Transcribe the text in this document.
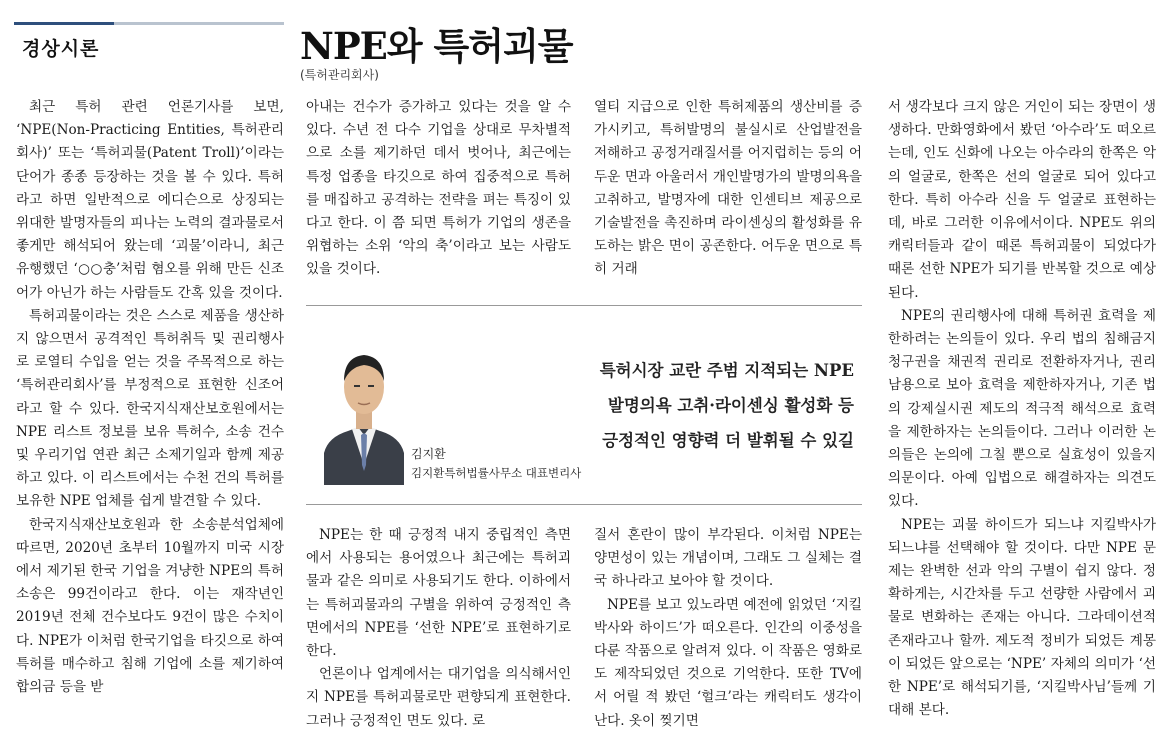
경상시론	NPE와 특허괴물
(특허관리회사)

최근 특허 관련 언론기사를 보면, ‘NPE(Non-Practicing Entities, 특허관리회사)’ 또는 ‘특허괴물(Patent Troll)’이라는 단어가 종종 등장하는 것을 볼 수 있다. 특허라고 하면 일반적으로 에디슨으로 상징되는 위대한 발명자들의 피나는 노력의 결과물로서 좋게만 해석되어 왔는데 ‘괴물’이라니, 최근 유행했던 ‘○○충’처럼 혐오를 위해 만든 신조어가 아닌가 하는 사람들도 간혹 있을 것이다.

특허괴물이라는 것은 스스로 제품을 생산하지 않으면서 공격적인 특허취득 및 권리행사로 로열티 수입을 얻는 것을 주목적으로 하는 ‘특허관리회사’를 부정적으로 표현한 신조어라고 할 수 있다. 한국지식재산보호원에서는 NPE 리스트 정보를 보유 특허수, 소송 건수 및 우리기업 연관 최근 소제기일과 함께 제공하고 있다. 이 리스트에서는 수천 건의 특허를 보유한 NPE 업체를 쉽게 발견할 수 있다.

한국지식재산보호원과 한 소송분석업체에 따르면, 2020년 초부터 10월까지 미국 시장에서 제기된 한국 기업을 겨냥한 NPE의 특허소송은 99건이라고 한다. 이는 재작년인 2019년 전체 건수보다도 9건이 많은 수치이다. NPE가 이처럼 한국기업을 타깃으로 하여 특허를 매수하고 침해 기업에 소를 제기하여 합의금 등을 받

아내는 건수가 증가하고 있다는 것을 알 수 있다. 수년 전 다수 기업을 상대로 무차별적으로 소를 제기하던 데서 벗어나, 최근에는 특정 업종을 타깃으로 하여 집중적으로 특허를 매집하고 공격하는 전략을 펴는 특징이 있다고 한다. 이 쯤 되면 특허가 기업의 생존을 위협하는 소위 ‘악의 축’이라고 보는 사람도 있을 것이다.

열티 지급으로 인한 특허제품의 생산비를 증가시키고, 특허발명의 불실시로 산업발전을 저해하고 공정거래질서를 어지럽히는 등의 어두운 면과 아울러서 개인발명가의 발명의욕을 고취하고, 발명자에 대한 인센티브 제공으로 기술발전을 촉진하며 라이센싱의 활성화를 유도하는 밝은 면이 공존한다. 어두운 면으로 특히 거래

김지환
김지환특허법률사무소 대표변리사
특허시장 교란 주범 지적되는 NPE
발명의욕 고취·라이센싱 활성화 등
긍정적인 영향력 더 발휘될 수 있길

NPE는 한 때 긍정적 내지 중립적인 측면에서 사용되는 용어였으나 최근에는 특허괴물과 같은 의미로 사용되기도 한다. 이하에서는 특허괴물과의 구별을 위하여 긍정적인 측면에서의 NPE를 ‘선한 NPE’로 표현하기로 한다.

언론이나 업계에서는 대기업을 의식해서인지 NPE를 특허괴물로만 편향되게 표현한다. 그러나 긍정적인 면도 있다. 로

질서 혼란이 많이 부각된다. 이처럼 NPE는 양면성이 있는 개념이며, 그래도 그 실체는 결국 하나라고 보아야 할 것이다.

NPE를 보고 있노라면 예전에 읽었던 ‘지킬박사와 하이드’가 떠오른다. 인간의 이중성을 다룬 작품으로 알려져 있다. 이 작품은 영화로도 제작되었던 것으로 기억한다. 또한 TV에서 어릴 적 봤던 ‘헐크’라는 캐릭터도 생각이 난다. 옷이 찢기면

서 생각보다 크지 않은 거인이 되는 장면이 생생하다. 만화영화에서 봤던 ‘아수라’도 떠오르는데, 인도 신화에 나오는 아수라의 한쪽은 악의 얼굴로, 한쪽은 선의 얼굴로 되어 있다고 한다. 특히 아수라 신을 두 얼굴로 표현하는데, 바로 그러한 이유에서이다. NPE도 위의 캐릭터들과 같이 때론 특허괴물이 되었다가 때론 선한 NPE가 되기를 반복할 것으로 예상된다.

NPE의 권리행사에 대해 특허권 효력을 제한하려는 논의들이 있다. 우리 법의 침해금지청구권을 채권적 권리로 전환하자거나, 권리남용으로 보아 효력을 제한하자거나, 기존 법의 강제실시권 제도의 적극적 해석으로 효력을 제한하자는 논의들이다. 그러나 이러한 논의들은 논의에 그칠 뿐으로 실효성이 있을지 의문이다. 아예 입법으로 해결하자는 의견도 있다.

NPE는 괴물 하이드가 되느냐 지킬박사가 되느냐를 선택해야 할 것이다. 다만 NPE 문제는 완벽한 선과 악의 구별이 쉽지 않다. 정확하게는, 시간차를 두고 선량한 사람에서 괴물로 변화하는 존재는 아니다. 그라데이션적 존재라고나 할까. 제도적 정비가 되었든 계몽이 되었든 앞으로는 ‘NPE’ 자체의 의미가 ‘선한 NPE’로 해석되기를, ‘지킬박사님’들께 기대해 본다.
